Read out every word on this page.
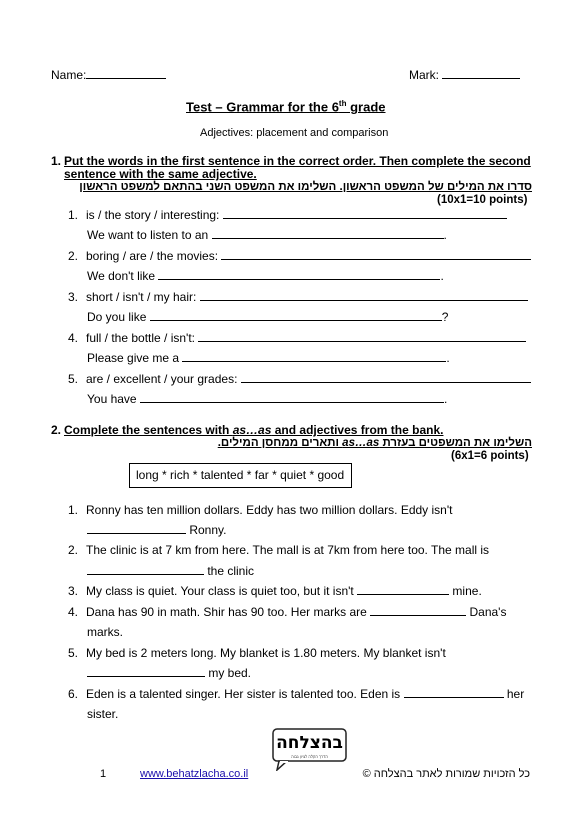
Name:	Mark:
Test – Grammar for the 6th grade
Adjectives: placement and comparison
1. Put the words in the first sentence in the correct order. Then complete the second
sentence with the same adjective.
סדרו את המילים של המשפט הראשון. השלימו את המשפט השני בהתאם למשפט הראשון
(10x1=10 points)
1. is / the story / interesting:
We want to listen to an	.
2. boring / are / the movies:
We don't like	.
3. short / isn't / my hair:
Do you like	?
4. full / the bottle / isn't:
Please give me a	.
5. are / excellent / your grades:
You have	.
2. Complete the sentences with as…as and adjectives from the bank.
השלימו את המשפטים בעזרת as…as ותארים ממחסן המילים.
(6x1=6 points)
long * rich * talented * far * quiet * good
1. Ronny has ten million dollars. Eddy has two million dollars. Eddy isn't
Ronny.
2. The clinic is at 7 km from here. The mall is at 7km from here too. The mall is
the clinic
3. My class is quiet. Your class is quiet too, but it isn't	mine.
4. Dana has 90 in math. Shir has 90 too. Her marks are	Dana's
marks.
5. My bed is 2 meters long. My blanket is 1.80 meters. My blanket isn't
my bed.
6. Eden is a talented singer. Her sister is talented too. Eden is	her
sister.
בהצלחה
הדרך הקלה לציון גבוה
1	www.behatzlacha.co.il	כל הזכויות שמורות לאתר בהצלחה ©
